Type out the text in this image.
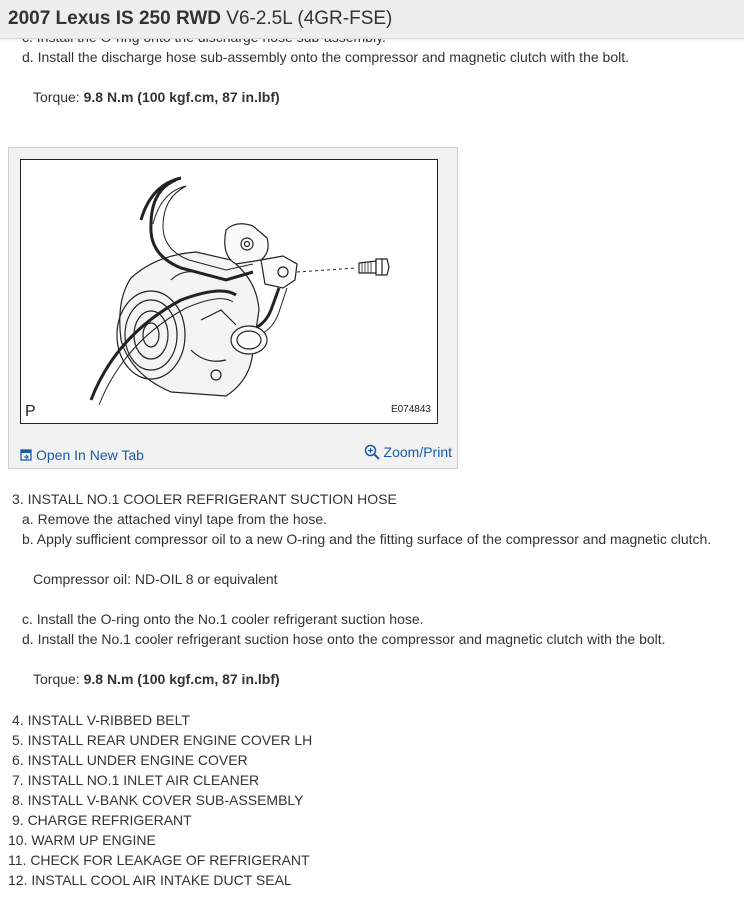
2007 Lexus IS 250 RWD V6-2.5L (4GR-FSE)
d. Install the discharge hose sub-assembly onto the compressor and magnetic clutch with the bolt.
Torque: 9.8 N.m (100 kgf.cm, 87 in.lbf)
P	E074843
Open In New Tab	Zoom/Print
3. INSTALL NO.1 COOLER REFRIGERANT SUCTION HOSE
a. Remove the attached vinyl tape from the hose.
b. Apply sufficient compressor oil to a new O-ring and the fitting surface of the compressor and magnetic clutch.
Compressor oil: ND-OIL 8 or equivalent
c. Install the O-ring onto the No.1 cooler refrigerant suction hose.
d. Install the No.1 cooler refrigerant suction hose onto the compressor and magnetic clutch with the bolt.
Torque: 9.8 N.m (100 kgf.cm, 87 in.lbf)
4. INSTALL V-RIBBED BELT
5. INSTALL REAR UNDER ENGINE COVER LH
6. INSTALL UNDER ENGINE COVER
7. INSTALL NO.1 INLET AIR CLEANER
8. INSTALL V-BANK COVER SUB-ASSEMBLY
9. CHARGE REFRIGERANT
10. WARM UP ENGINE
11. CHECK FOR LEAKAGE OF REFRIGERANT
12. INSTALL COOL AIR INTAKE DUCT SEAL
